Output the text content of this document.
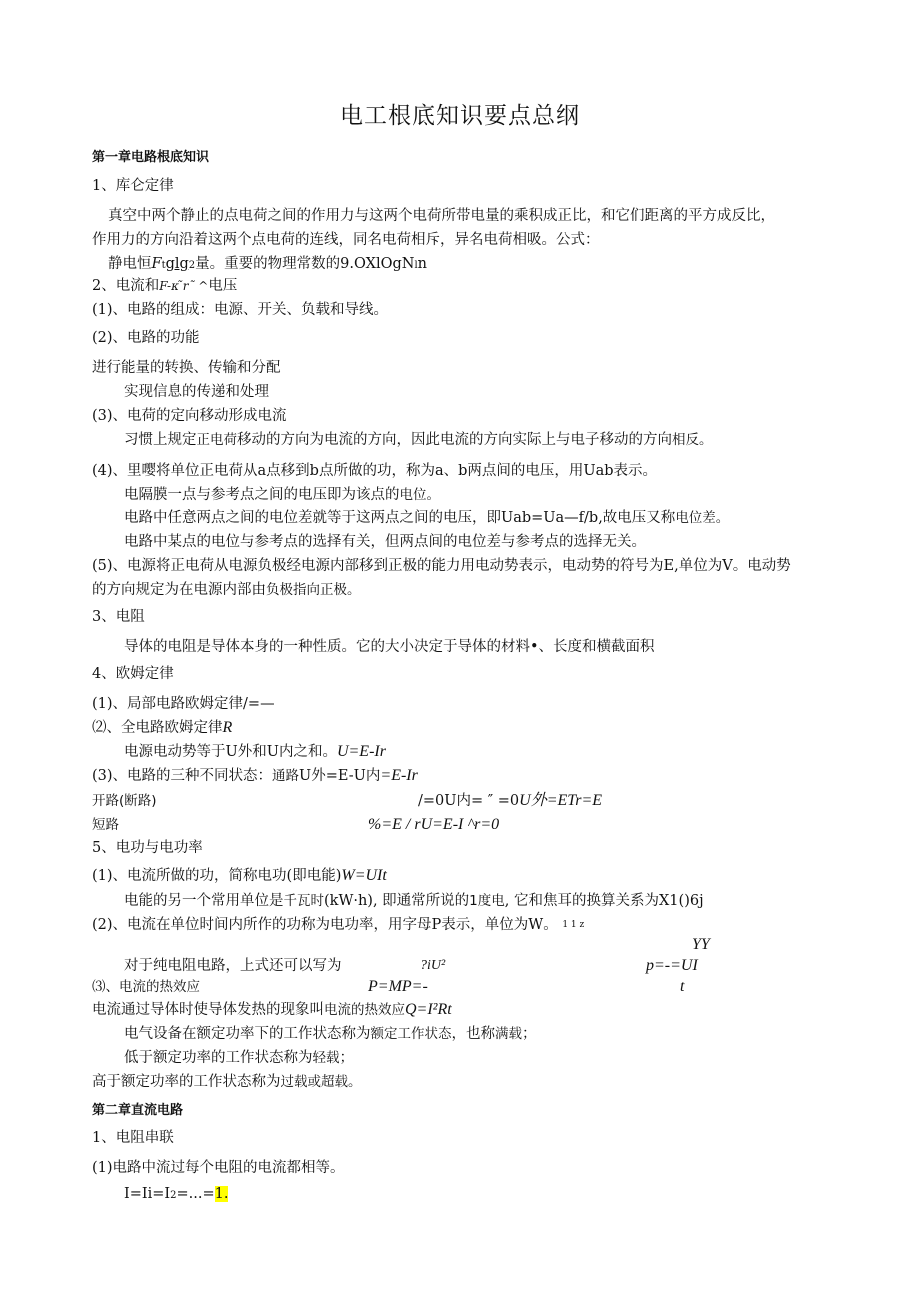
电工根底知识要点总纲
第一章电路根底知识
1、库仑定律
真空中两个静止的点电荷之间的作用力与这两个电荷所带电量的乘积成正比，和它们距离的平方成反比，
作用力的方向沿着这两个点电荷的连线，同名电荷相斥，异名电荷相吸。公式：
静电恒Ftglg2量。重要的物理常数的9.OXlOgNln
2、电流和F-κ ̃r˜ ^电压
(1)、电路的组成：电源、开关、负载和导线。
(2)、电路的功能
进行能量的转换、传输和分配
实现信息的传递和处理
(3)、电荷的定向移动形成电流
习惯上规定正电荷移动的方向为电流的方向，因此电流的方向实际上与电子移动的方向相反。
(4)、里嘤将单位正电荷从a点移到b点所做的功，称为a、b两点间的电压，用Uab表示。
电隔膜一点与参考点之间的电压即为该点的电位。
电路中任意两点之间的电位差就等于这两点之间的电压，即Uab=Ua—f/b,故电压又称电位差。
电路中某点的电位与参考点的选择有关，但两点间的电位差与参考点的选择无关。
(5)、电源将正电荷从电源负极经电源内部移到正极的能力用电动势表示，电动势的符号为E,单位为V。电动势
的方向规定为在电源内部由负极指向正极。
3、电阻
导体的电阻是导体本身的一种性质。它的大小决定于导体的材料•、长度和横截面积
4、欧姆定律
(1)、局部电路欧姆定律/=—
⑵、全电路欧姆定律R
电源电动势等于U外和U内之和。U=E-Ir
(3)、电路的三种不同状态：通路U外=E-U内=E-Ir
开路(断路)	/=0U内= ″ =0U外=ETr=E
短路	%=E / rU=E-I ^r=0
5、电功与电功率
(1)、电流所做的功，简称电功(即电能)W=UIt
电能的另一个常用单位是千瓦时(kW·h), 即通常所说的1度电, 它和焦耳的换算关系为X1()6j
(2)、电流在单位时间内所作的功称为电功率，用字母P表示，单位为W。 1 1 z
YY
对于纯电阻电路，上式还可以写为	?iU²	p=-=UI
⑶、电流的热效应	P=MP=-	t
电流通过导体时使导体发热的现象叫电流的热效应Q=I²Rt
电气设备在额定功率下的工作状态称为额定工作状态，也称满载；
低于额定功率的工作状态称为轻载；
高于额定功率的工作状态称为过载或超载。
第二章直流电路
1、电阻串联
(1)电路中流过每个电阻的电流都相等。
I=Ii=I2=...=1.
